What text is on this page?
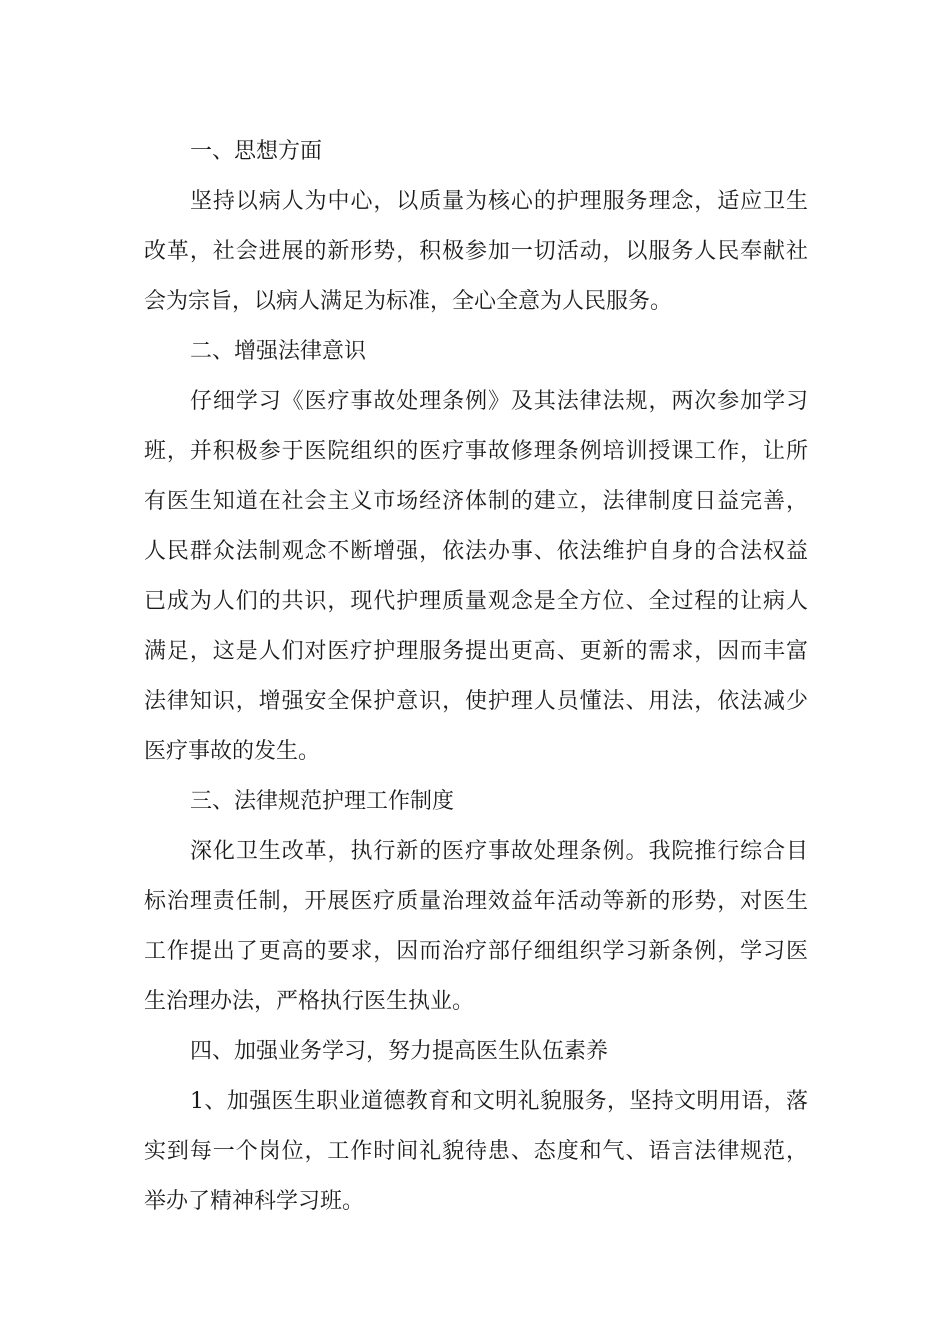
一、思想方面
坚持以病人为中心，以质量为核心的护理服务理念，适应卫生
改革，社会进展的新形势，积极参加一切活动，以服务人民奉献社
会为宗旨，以病人满足为标准，全心全意为人民服务。
二、增强法律意识
仔细学习《医疗事故处理条例》及其法律法规，两次参加学习
班，并积极参于医院组织的医疗事故修理条例培训授课工作，让所
有医生知道在社会主义市场经济体制的建立，法律制度日益完善，
人民群众法制观念不断增强，依法办事、依法维护自身的合法权益
已成为人们的共识，现代护理质量观念是全方位、全过程的让病人
满足，这是人们对医疗护理服务提出更高、更新的需求，因而丰富
法律知识，增强安全保护意识，使护理人员懂法、用法，依法减少
医疗事故的发生。
三、法律规范护理工作制度
深化卫生改革，执行新的医疗事故处理条例。我院推行综合目
标治理责任制，开展医疗质量治理效益年活动等新的形势，对医生
工作提出了更高的要求，因而治疗部仔细组织学习新条例，学习医
生治理办法，严格执行医生执业。
四、加强业务学习，努力提高医生队伍素养
1、加强医生职业道德教育和文明礼貌服务，坚持文明用语，落
实到每一个岗位，工作时间礼貌待患、态度和气、语言法律规范，
举办了精神科学习班。
